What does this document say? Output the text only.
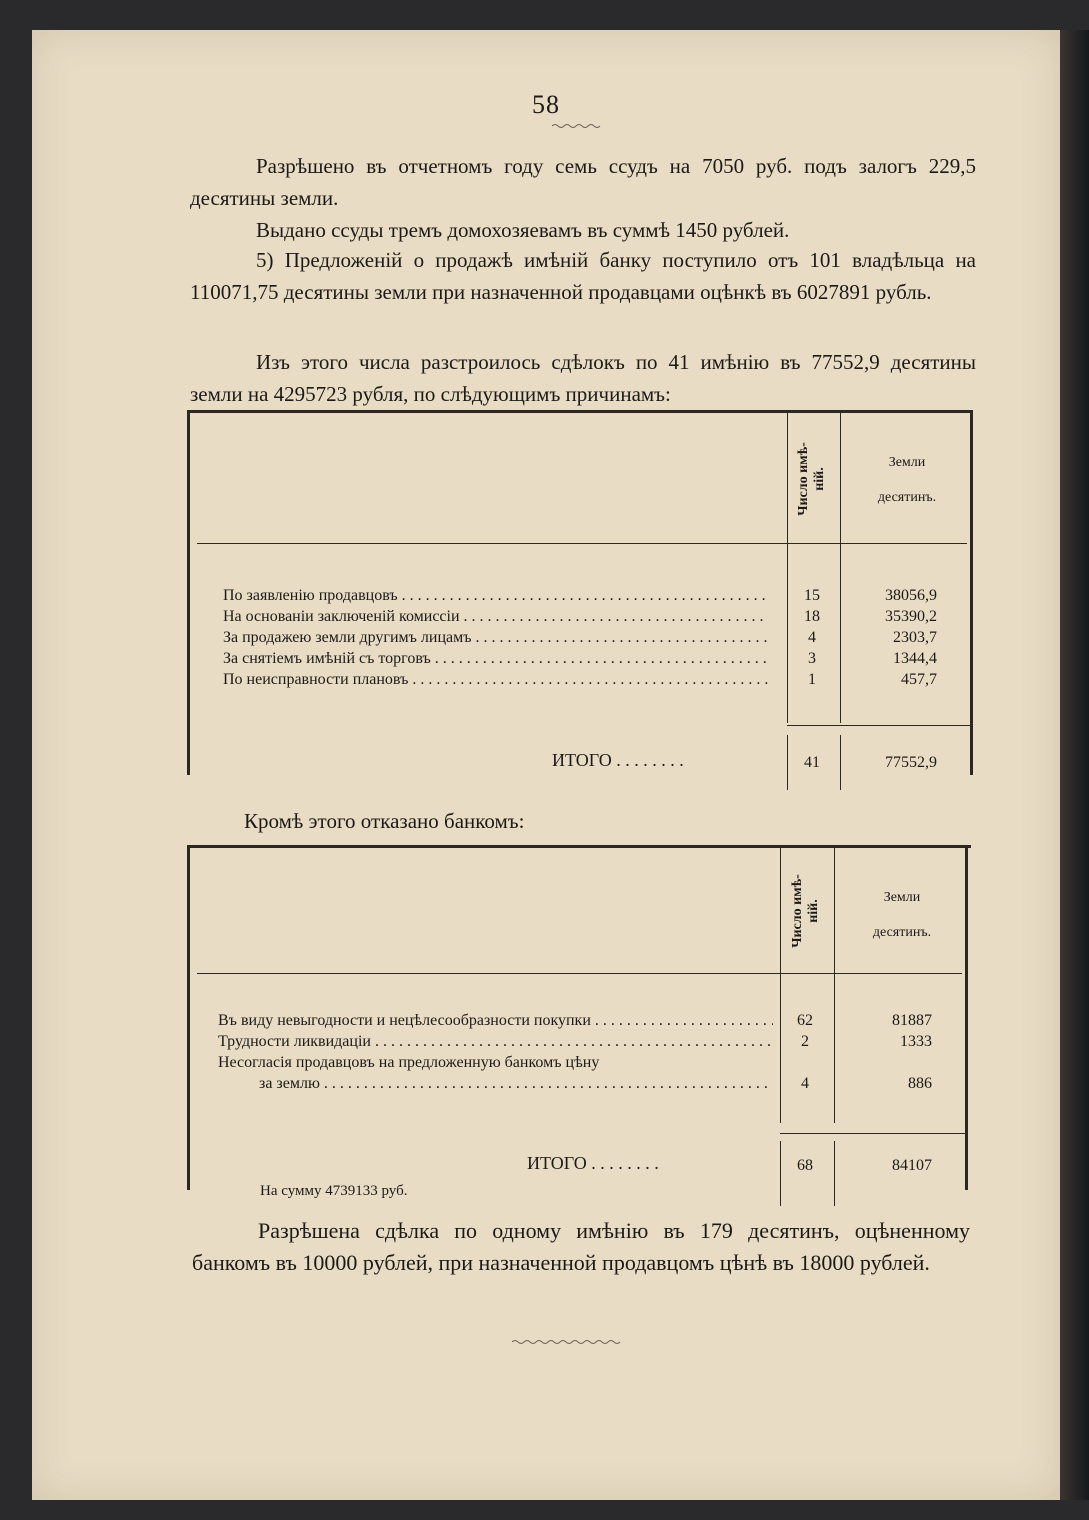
58

Разрѣшено въ отчетномъ году семь ссудъ на 7050 руб. подъ залогъ 229,5 десятины земли.

Выдано ссуды тремъ домохозяевамъ въ суммѣ 1450 рублей.

5) Предложеній о продажѣ имѣній банку поступило отъ 101 владѣльца на 110071,75 десятины земли при назначенной продавцами оцѣнкѣ въ 6027891 рубль.

Изъ этого числа разстроилось сдѣлокъ по 41 имѣнію въ 77552,9 десятины земли на 4295723 рубля, по слѣдующимъ причинамъ:

Число имѣ-
ній.
Земли
десятинъ.
По заявленію продавцовъ . . .	15	38056,9
На основаніи заключеній комиссіи . . .	18	35390,2
За продажею земли другимъ лицамъ . . .	4	2303,7
За снятіемъ имѣній съ торговъ . . .	3	1344,4
По неисправности плановъ . . .	1	457,7
ИТОГО . . . . . . . .	41	77552,9

Кромѣ этого отказано банкомъ:

Число имѣ-
ній.
Земли
десятинъ.
Въ виду невыгодности и нецѣлесообразности покупки . . .	62	81887
Трудности ликвидаціи . . .	2	1333
Несогласія продавцовъ на предложенную банкомъ цѣну
за землю . . .	4	886
ИТОГО . . . . . . . .	68	84107
На сумму 4739133 руб.

Разрѣшена сдѣлка по одному имѣнію въ 179 десятинъ, оцѣненному банкомъ въ 10000 рублей, при назначенной продавцомъ цѣнѣ въ 18000 рублей.
